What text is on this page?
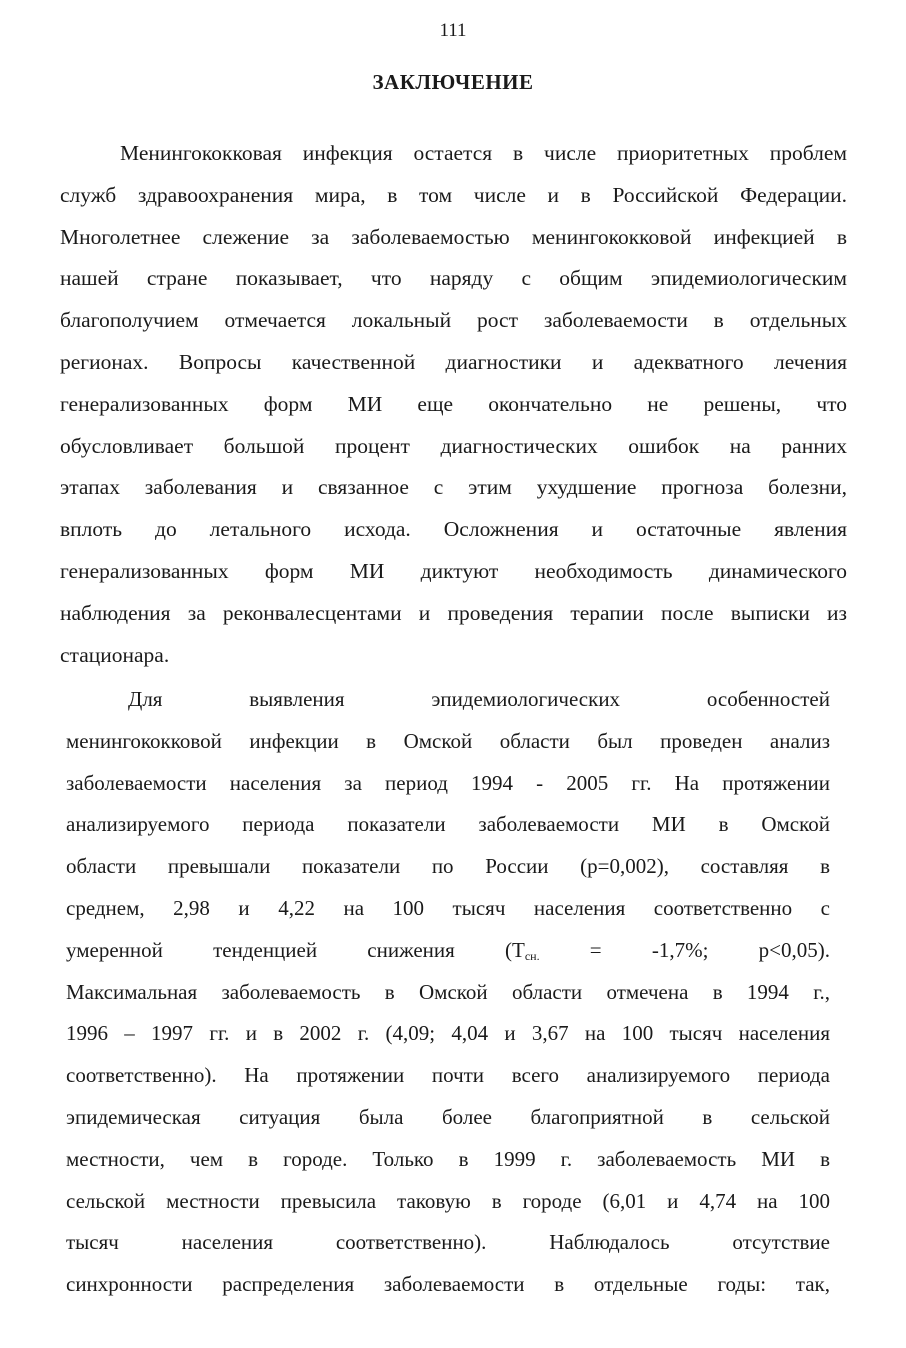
111
ЗАКЛЮЧЕНИЕ
Менингококковая инфекция остается в числе приоритетных проблем
служб здравоохранения мира, в том числе и в Российской Федерации.
Многолетнее слежение за заболеваемостью менингококковой инфекцией в
нашей стране показывает, что наряду с общим эпидемиологическим
благополучием отмечается локальный рост заболеваемости в отдельных
регионах. Вопросы качественной диагностики и адекватного лечения
генерализованных форм МИ еще окончательно не решены, что
обусловливает большой процент диагностических ошибок на ранних
этапах заболевания и связанное с этим ухудшение прогноза болезни,
вплоть до летального исхода. Осложнения и остаточные явления
генерализованных форм МИ диктуют необходимость динамического
наблюдения за реконвалесцентами и проведения терапии после выписки из
стационара.
Для выявления эпидемиологических особенностей
менингококковой инфекции в Омской области был проведен анализ
заболеваемости населения за период 1994 - 2005 гг. На протяжении
анализируемого периода показатели заболеваемости МИ в Омской
области превышали показатели по России (p=0,002), составляя в
среднем, 2,98 и 4,22 на 100 тысяч населения соответственно с
умеренной тенденцией снижения ($Т_{сн.} = -1,7\%$; p<0,05).
Максимальная заболеваемость в Омской области отмечена в 1994 г.,
1996 – 1997 гг. и в 2002 г. (4,09; 4,04 и 3,67 на 100 тысяч населения
соответственно). На протяжении почти всего анализируемого периода
эпидемическая ситуация была более благоприятной в сельской
местности, чем в городе. Только в 1999 г. заболеваемость МИ в
сельской местности превысила таковую в городе (6,01 и 4,74 на 100
тысяч населения соответственно). Наблюдалось отсутствие
синхронности распределения заболеваемости в отдельные годы: так,
